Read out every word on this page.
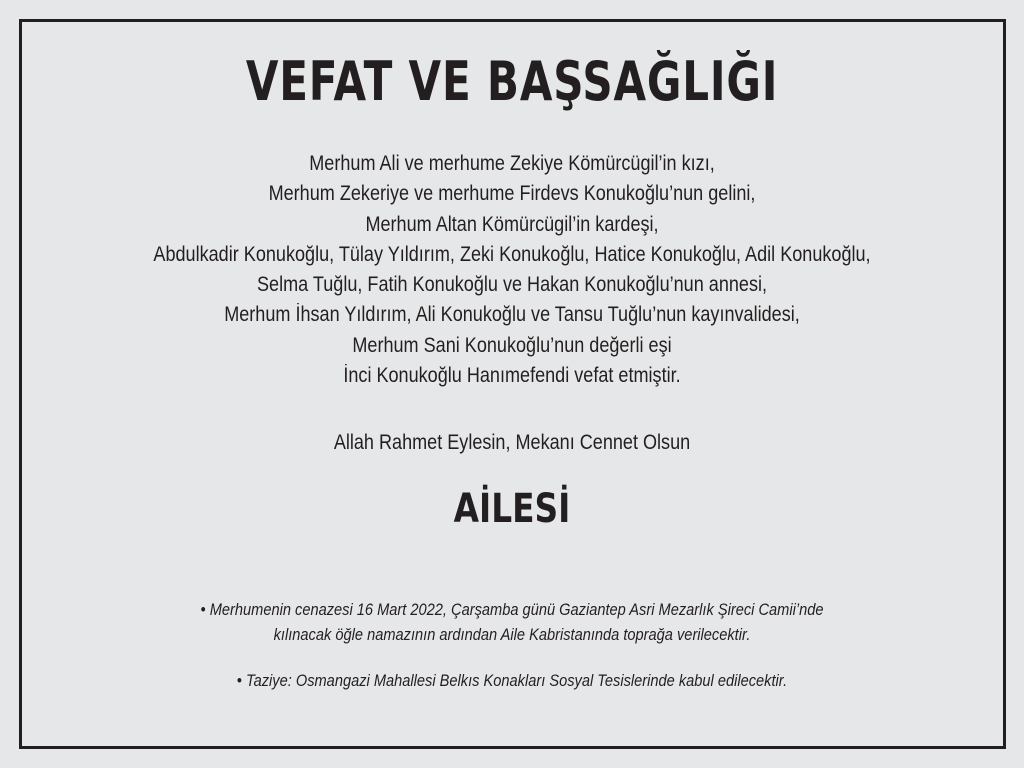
VEFAT VE BAŞSAĞLIĞI
Merhum Ali ve merhume Zekiye Kömürcügil’in kızı,
Merhum Zekeriye ve merhume Firdevs Konukoğlu’nun gelini,
Merhum Altan Kömürcügil’in kardeşi,
Abdulkadir Konukoğlu, Tülay Yıldırım, Zeki Konukoğlu, Hatice Konukoğlu, Adil Konukoğlu,
Selma Tuğlu, Fatih Konukoğlu ve Hakan Konukoğlu’nun annesi,
Merhum İhsan Yıldırım, Ali Konukoğlu ve Tansu Tuğlu’nun kayınvalidesi,
Merhum Sani Konukoğlu’nun değerli eşi
İnci Konukoğlu Hanımefendi vefat etmiştir.
Allah Rahmet Eylesin, Mekanı Cennet Olsun
AİLESİ
• Merhumenin cenazesi 16 Mart 2022, Çarşamba günü Gaziantep Asri Mezarlık Şireci Camii’nde
kılınacak öğle namazının ardından Aile Kabristanında toprağa verilecektir.
• Taziye: Osmangazi Mahallesi Belkıs Konakları Sosyal Tesislerinde kabul edilecektir.
